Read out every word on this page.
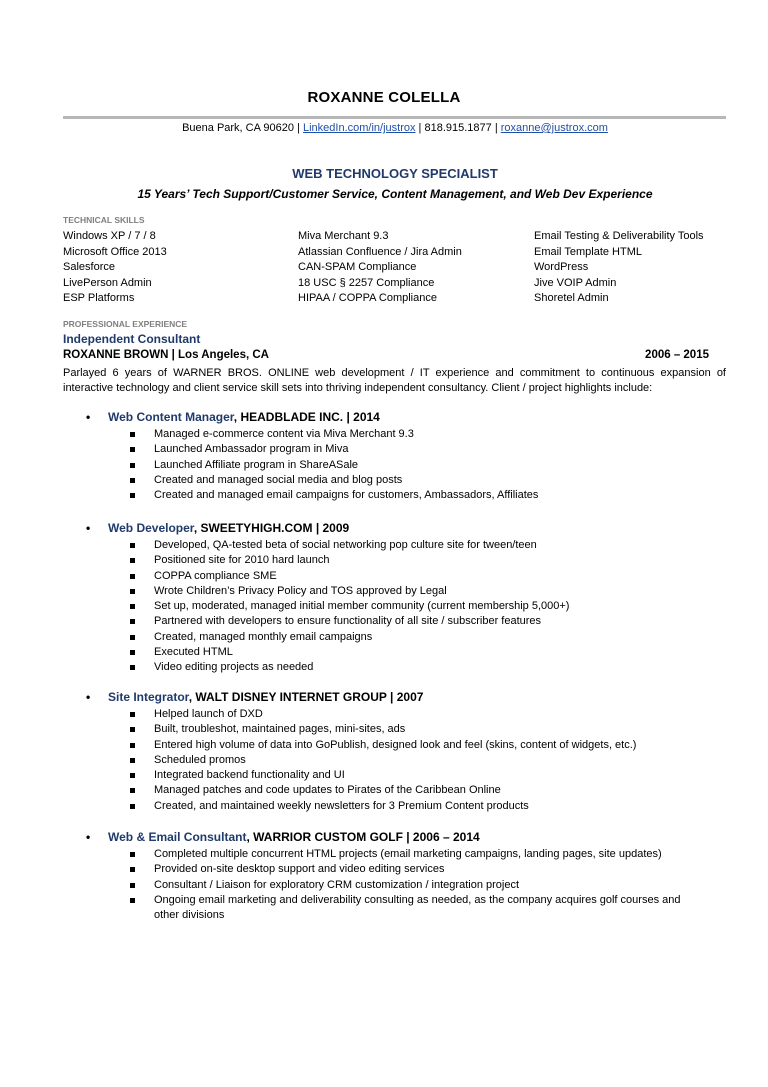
ROXANNE COLELLA
Buena Park, CA 90620 | LinkedIn.com/in/justrox | 818.915.1877 | roxanne@justrox.com
WEB TECHNOLOGY SPECIALIST
15 Years’ Tech Support/Customer Service, Content Management, and Web Dev Experience
TECHNICAL SKILLS
Windows XP / 7 / 8
Microsoft Office 2013
Salesforce
LivePerson Admin
ESP Platforms
Miva Merchant 9.3
Atlassian Confluence / Jira Admin
CAN-SPAM Compliance
18 USC § 2257 Compliance
HIPAA / COPPA Compliance
Email Testing & Deliverability Tools
Email Template HTML
WordPress
Jive VOIP Admin
Shoretel Admin
PROFESSIONAL EXPERIENCE
Independent Consultant
ROXANNE BROWN | Los Angeles, CA	2006 – 2015
Parlayed 6 years of WARNER BROS. ONLINE web development / IT experience and commitment to continuous expansion of interactive technology and client service skill sets into thriving independent consultancy. Client / project highlights include:
• Web Content Manager, HEADBLADE INC. | 2014
Managed e-commerce content via Miva Merchant 9.3
Launched Ambassador program in Miva
Launched Affiliate program in ShareASale
Created and managed social media and blog posts
Created and managed email campaigns for customers, Ambassadors, Affiliates
• Web Developer, SWEETYHIGH.COM | 2009
Developed, QA-tested beta of social networking pop culture site for tween/teen
Positioned site for 2010 hard launch
COPPA compliance SME
Wrote Children’s Privacy Policy and TOS approved by Legal
Set up, moderated, managed initial member community (current membership 5,000+)
Partnered with developers to ensure functionality of all site / subscriber features
Created, managed monthly email campaigns
Executed HTML
Video editing projects as needed
• Site Integrator, WALT DISNEY INTERNET GROUP | 2007
Helped launch of DXD
Built, troubleshot, maintained pages, mini-sites, ads
Entered high volume of data into GoPublish, designed look and feel (skins, content of widgets, etc.)
Scheduled promos
Integrated backend functionality and UI
Managed patches and code updates to Pirates of the Caribbean Online
Created, and maintained weekly newsletters for 3 Premium Content products
• Web & Email Consultant, WARRIOR CUSTOM GOLF | 2006 – 2014
Completed multiple concurrent HTML projects (email marketing campaigns, landing pages, site updates)
Provided on-site desktop support and video editing services
Consultant / Liaison for exploratory CRM customization / integration project
Ongoing email marketing and deliverability consulting as needed, as the company acquires golf courses and other divisions
